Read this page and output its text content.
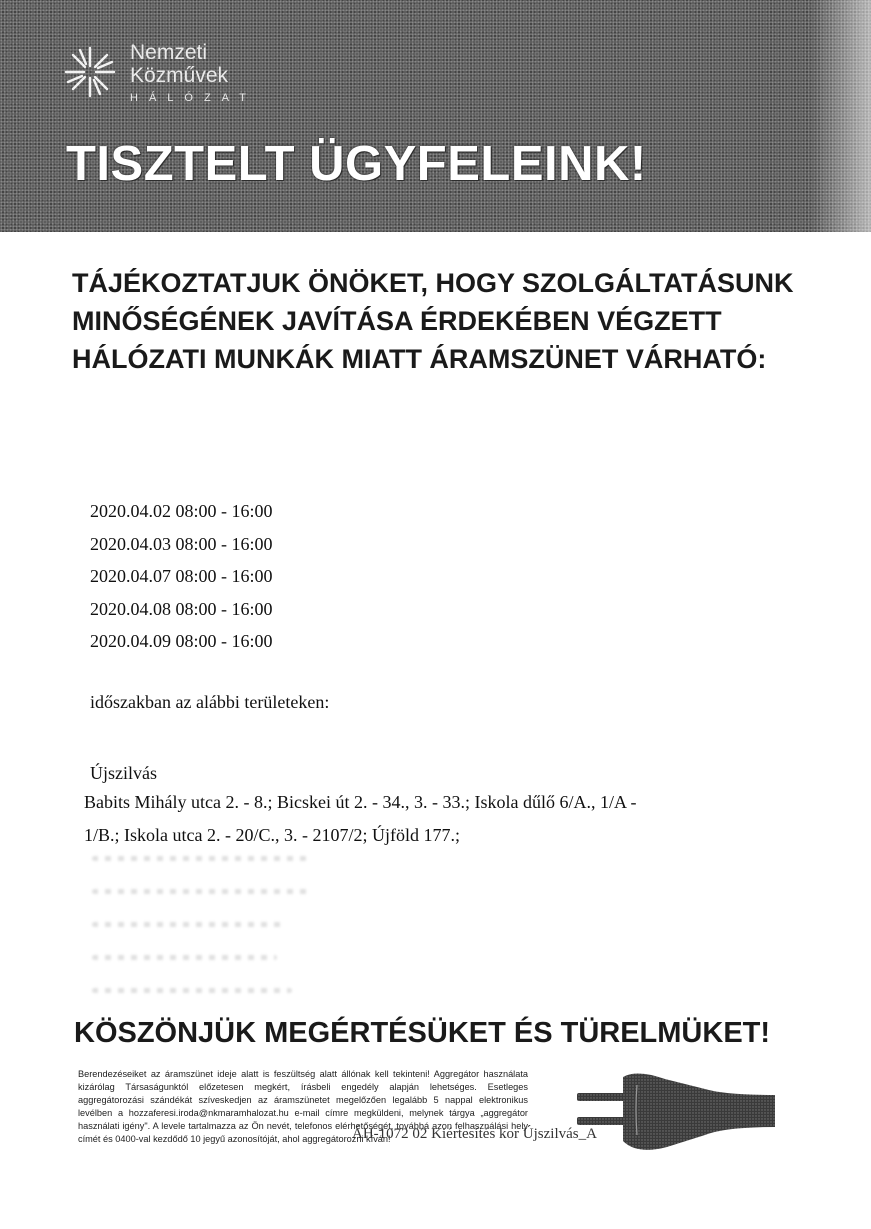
Nemzeti
Közművek
HÁLÓZAT
TISZTELT ÜGYFELEINK!
TÁJÉKOZTATJUK ÖNÖKET, HOGY SZOLGÁLTATÁSUNK
MINŐSÉGÉNEK JAVÍTÁSA ÉRDEKÉBEN VÉGZETT
HÁLÓZATI MUNKÁK MIATT ÁRAMSZÜNET VÁRHATÓ:
2020.04.02 08:00 - 16:00
2020.04.03 08:00 - 16:00
2020.04.07 08:00 - 16:00
2020.04.08 08:00 - 16:00
2020.04.09 08:00 - 16:00
időszakban az alábbi területeken:
Újszilvás
Babits Mihály utca 2. - 8.; Bicskei út 2. - 34., 3. - 33.; Iskola dűlő 6/A., 1/A -
1/B.; Iskola utca 2. - 20/C., 3. - 2107/2; Újföld 177.;
KÖSZÖNJÜK MEGÉRTÉSÜKET ÉS TÜRELMÜKET!
Berendezéseiket az áramszünet ideje alatt is feszültség alatt állónak kell tekinteni! Aggregátor használata kizárólag Társaságunktól előzetesen megkért, írásbeli engedély alapján lehetséges. Esetleges aggregátorozási szándékát szíveskedjen az áramszünetet megelőzően legalább 5 nappal elektronikus levélben a hozzaferesi.iroda@nkmaramhalozat.hu e-mail címre megküldeni, melynek tárgya „aggregátor használati igény". A levele tartalmazza az Ön nevét, telefonos elérhetőségét, továbbá azon felhasználási hely címét és 0400-val kezdődő 10 jegyű azonosítóját, ahol aggregátorozni kíván!
ÁH-1072 02 Kiértesítés kor Újszilvás_A
